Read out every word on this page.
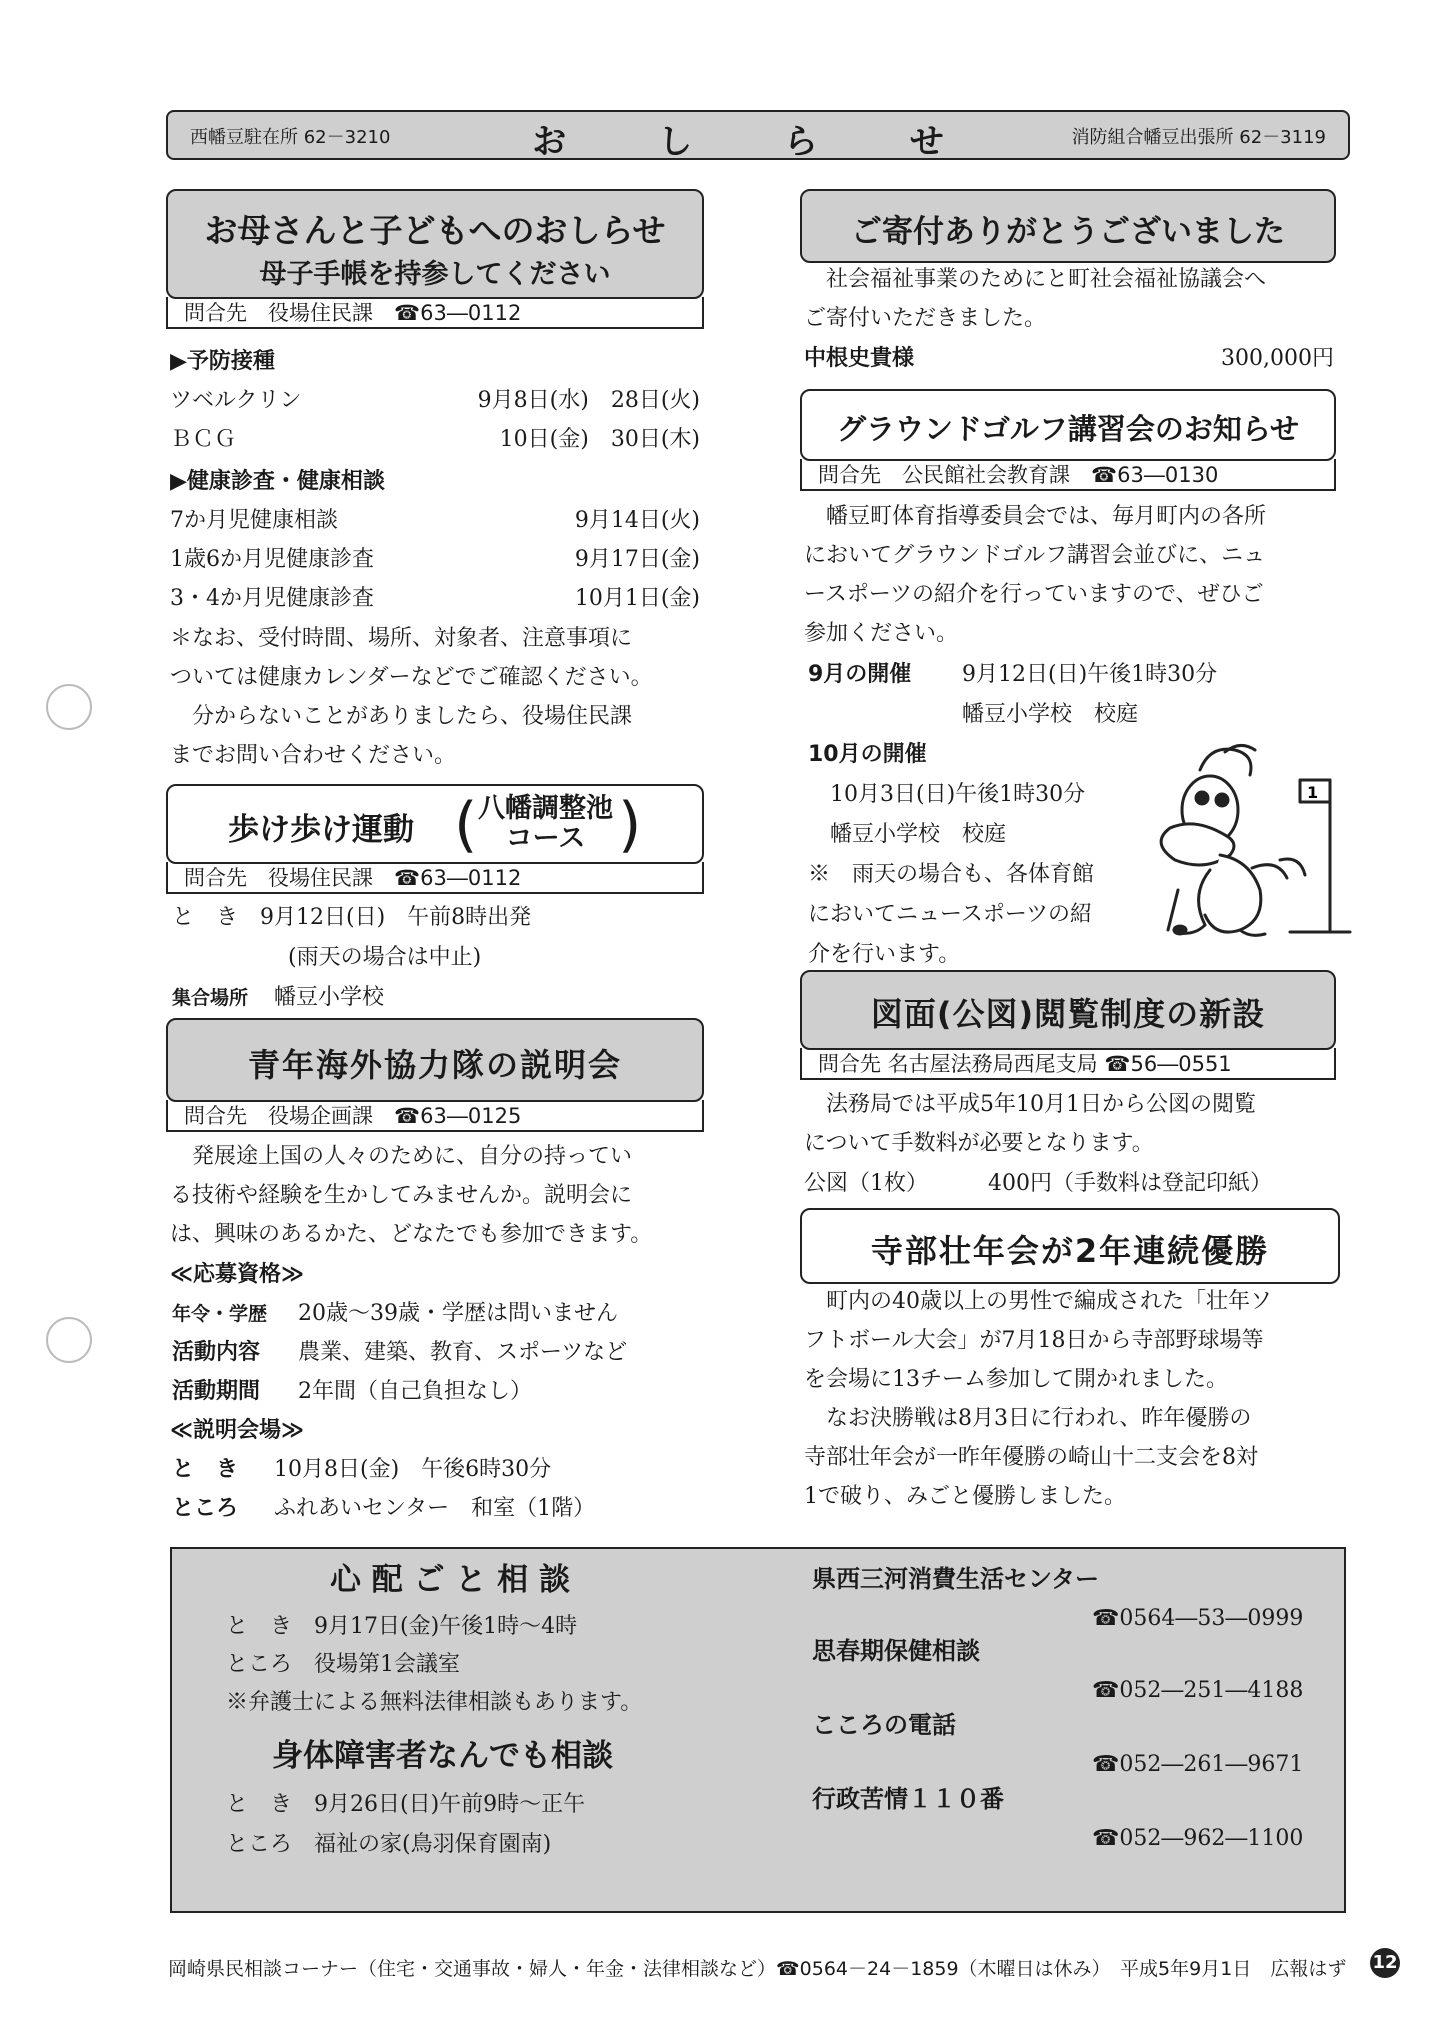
西幡豆駐在所 62－3210	お し ら せ	消防組合幡豆出張所 62－3119
お母さんと子どもへのおしらせ
母子手帳を持参してください
問合先　役場住民課　☎63―0112
▶予防接種
ツベルクリン	9月8日(水)　28日(火)
ＢＣＧ	10日(金)　30日(木)
▶健康診査・健康相談
7か月児健康相談	9月14日(火)
1歳6か月児健康診査	9月17日(金)
3・4か月児健康診査	10月1日(金)
＊なお、受付時間、場所、対象者、注意事項に
ついては健康カレンダーなどでご確認ください。
　分からないことがありましたら、役場住民課
までお問い合わせください。
歩け歩け運動 ( 八幡調整池
コース )
問合先　役場住民課　☎63―0112
と　き　9月12日(日)　午前8時出発
(雨天の場合は中止)
集合場所 幡豆小学校
青年海外協力隊の説明会
問合先　役場企画課　☎63―0125
　発展途上国の人々のために、自分の持ってい
る技術や経験を生かしてみませんか。説明会に
は、興味のあるかた、どなたでも参加できます。
≪応募資格≫
年令・学歴 20歳～39歳・学歴は問いません
活動内容 農業、建築、教育、スポーツなど
活動期間 2年間（自己負担なし）
≪説明会場≫
と　き 10月8日(金)　午後6時30分
ところ ふれあいセンター　和室（1階）
ご寄付ありがとうございました
　社会福祉事業のためにと町社会福祉協議会へ
ご寄付いただきました。
中根史貴様	300,000円
グラウンドゴルフ講習会のお知らせ
問合先　公民館社会教育課　☎63―0130
　幡豆町体育指導委員会では、毎月町内の各所
においてグラウンドゴルフ講習会並びに、ニュ
ースポーツの紹介を行っていますので、ぜひご
参加ください。
9月の開催 9月12日(日)午後1時30分
幡豆小学校　校庭
10月の開催
10月3日(日)午後1時30分
幡豆小学校　校庭
※　雨天の場合も、各体育館
においてニュースポーツの紹
介を行います。
1
図面(公図)閲覧制度の新設
問合先 名古屋法務局西尾支局 ☎56―0551
　法務局では平成5年10月1日から公図の閲覧
について手数料が必要となります。
公図（1枚）	400円（手数料は登記印紙）
寺部壮年会が2年連続優勝
　町内の40歳以上の男性で編成された「壮年ソ
フトボール大会」が7月18日から寺部野球場等
を会場に13チーム参加して開かれました。
　なお決勝戦は8月3日に行われ、昨年優勝の
寺部壮年会が一昨年優勝の崎山十二支会を8対
1で破り、みごと優勝しました。
心 配 ご と 相 談
と　き　9月17日(金)午後1時～4時
ところ　役場第1会議室
※弁護士による無料法律相談もあります。
身体障害者なんでも相談
と　き　9月26日(日)午前9時～正午
ところ　福祉の家(鳥羽保育園南)
県西三河消費生活センター
☎0564―53―0999
思春期保健相談
☎052―251―4188
こころの電話
☎052―261―9671
行政苦情１１０番
☎052―962―1100
岡崎県民相談コーナー（住宅・交通事故・婦人・年金・法律相談など）☎0564－24－1859（木曜日は休み）　平成5年9月1日　広報はず 12
